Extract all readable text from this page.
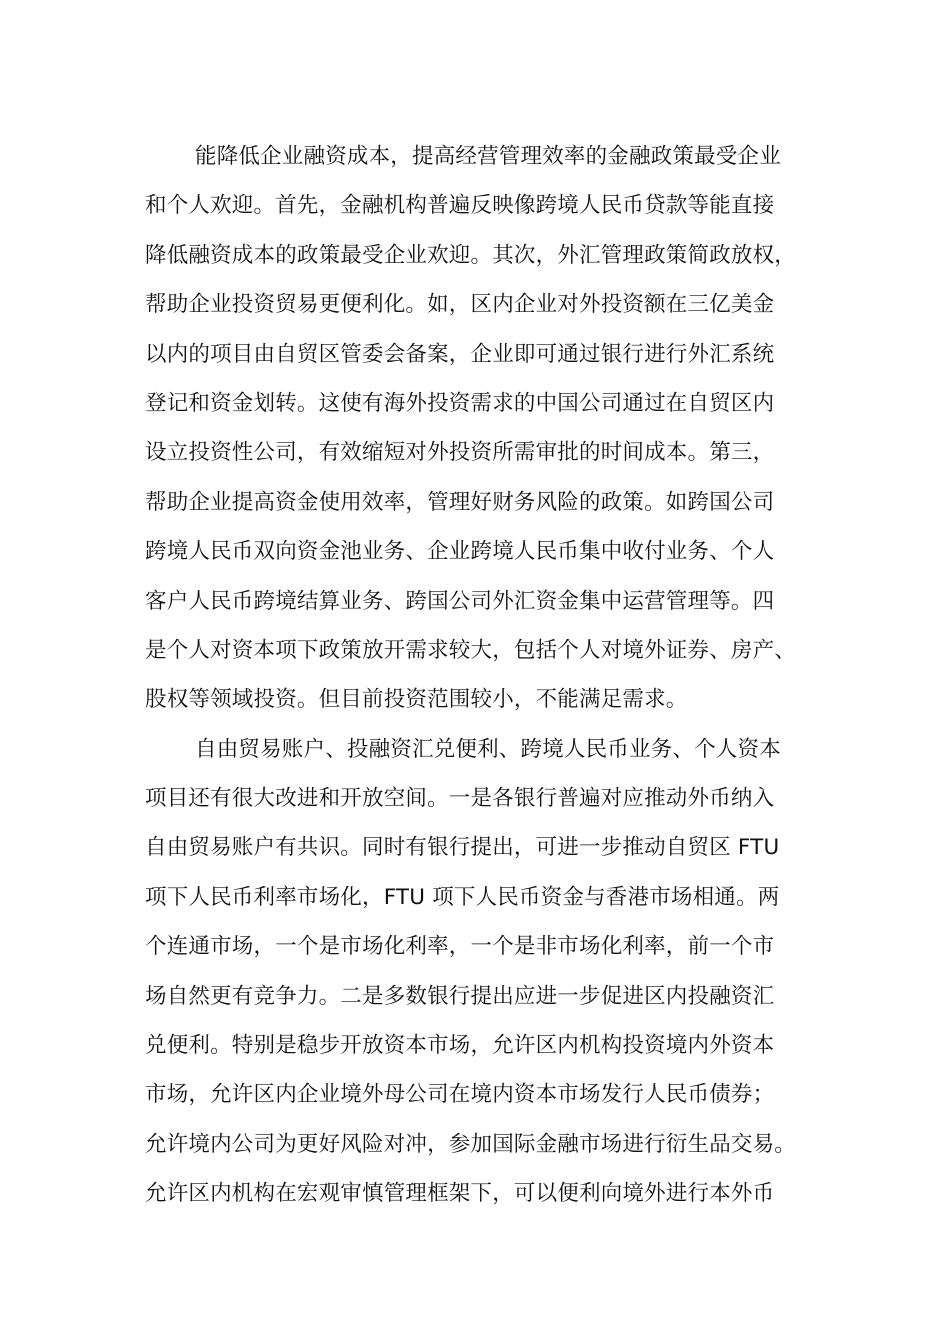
能降低企业融资成本，提高经营管理效率的金融政策最受企业
和个人欢迎。首先，金融机构普遍反映像跨境人民币贷款等能直接
降低融资成本的政策最受企业欢迎。其次，外汇管理政策简政放权，
帮助企业投资贸易更便利化。如，区内企业对外投资额在三亿美金
以内的项目由自贸区管委会备案，企业即可通过银行进行外汇系统
登记和资金划转。这使有海外投资需求的中国公司通过在自贸区内
设立投资性公司，有效缩短对外投资所需审批的时间成本。第三，
帮助企业提高资金使用效率，管理好财务风险的政策。如跨国公司
跨境人民币双向资金池业务、企业跨境人民币集中收付业务、个人
客户人民币跨境结算业务、跨国公司外汇资金集中运营管理等。四
是个人对资本项下政策放开需求较大，包括个人对境外证券、房产、
股权等领域投资。但目前投资范围较小，不能满足需求。
自由贸易账户、投融资汇兑便利、跨境人民币业务、个人资本
项目还有很大改进和开放空间。一是各银行普遍对应推动外币纳入
自由贸易账户有共识。同时有银行提出，可进一步推动自贸区 FTU
项下人民币利率市场化，FTU 项下人民币资金与香港市场相通。两
个连通市场，一个是市场化利率，一个是非市场化利率，前一个市
场自然更有竞争力。二是多数银行提出应进一步促进区内投融资汇
兑便利。特别是稳步开放资本市场，允许区内机构投资境内外资本
市场，允许区内企业境外母公司在境内资本市场发行人民币债券；
允许境内公司为更好风险对冲，参加国际金融市场进行衍生品交易。
允许区内机构在宏观审慎管理框架下，可以便利向境外进行本外币
